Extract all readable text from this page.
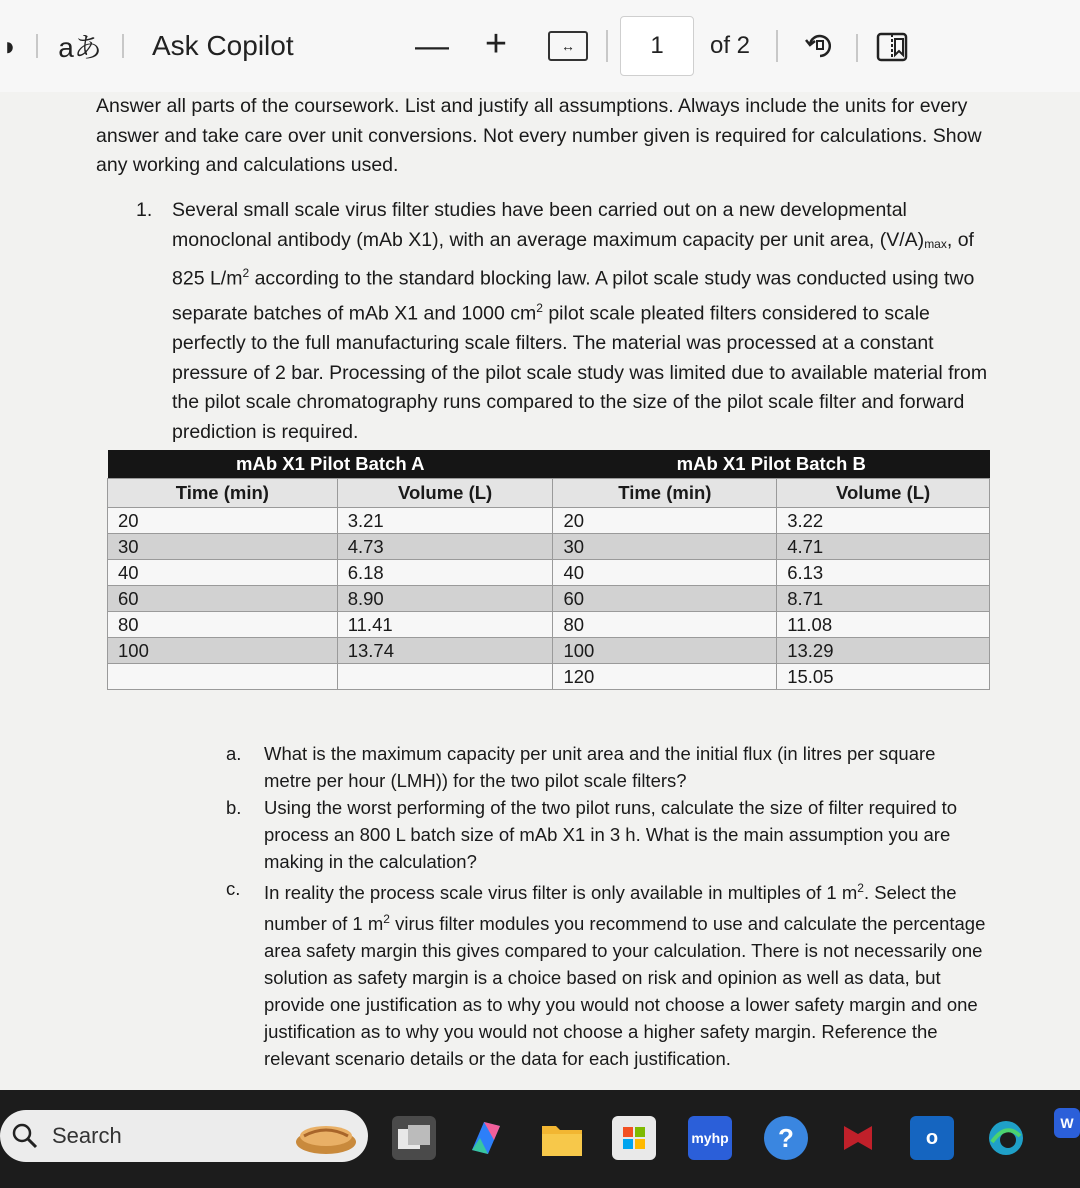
◗ aあ Ask Copilot	— +	↔	1	of 2
Answer all parts of the coursework. List and justify all assumptions. Always include the units for every answer and take care over unit conversions. Not every number given is required for calculations. Show any working and calculations used.
1.	Several small scale virus filter studies have been carried out on a new developmental monoclonal antibody (mAb X1), with an average maximum capacity per unit area, $(V/A)_{max}$, of 825 $L/m^2$ according to the standard blocking law. A pilot scale study was conducted using two separate batches of mAb X1 and 1000 $cm^2$ pilot scale pleated filters considered to scale perfectly to the full manufacturing scale filters. The material was processed at a constant pressure of 2 bar. Processing of the pilot scale study was limited due to available material from the pilot scale chromatography runs compared to the size of the pilot scale filter and forward prediction is required.
mAb X1 Pilot Batch A		mAb X1 Pilot Batch B	
Time (min)	Volume (L)	Time (min)	Volume (L)
20	3.21	20	3.22
30	4.73	30	4.71
40	6.18	40	6.13
60	8.90	60	8.71
80	11.41	80	11.08
100	13.74	100	13.29
		120	15.05
a.	What is the maximum capacity per unit area and the initial flux (in litres per square metre per hour (LMH)) for the two pilot scale filters?
b.	Using the worst performing of the two pilot runs, calculate the size of filter required to process an 800 L batch size of mAb X1 in 3 h. What is the main assumption you are making in the calculation?
c.	In reality the process scale virus filter is only available in multiples of 1 $m^2$. Select the number of 1 $m^2$ virus filter modules you recommend to use and calculate the percentage area safety margin this gives compared to your calculation. There is not necessarily one solution as safety margin is a choice based on risk and opinion as well as data, but provide one justification as to why you would not choose a lower safety margin and one justification as to why you would not choose a higher safety margin. Reference the relevant scenario details or the data for each justification.
Search	myhp	?	o
W
